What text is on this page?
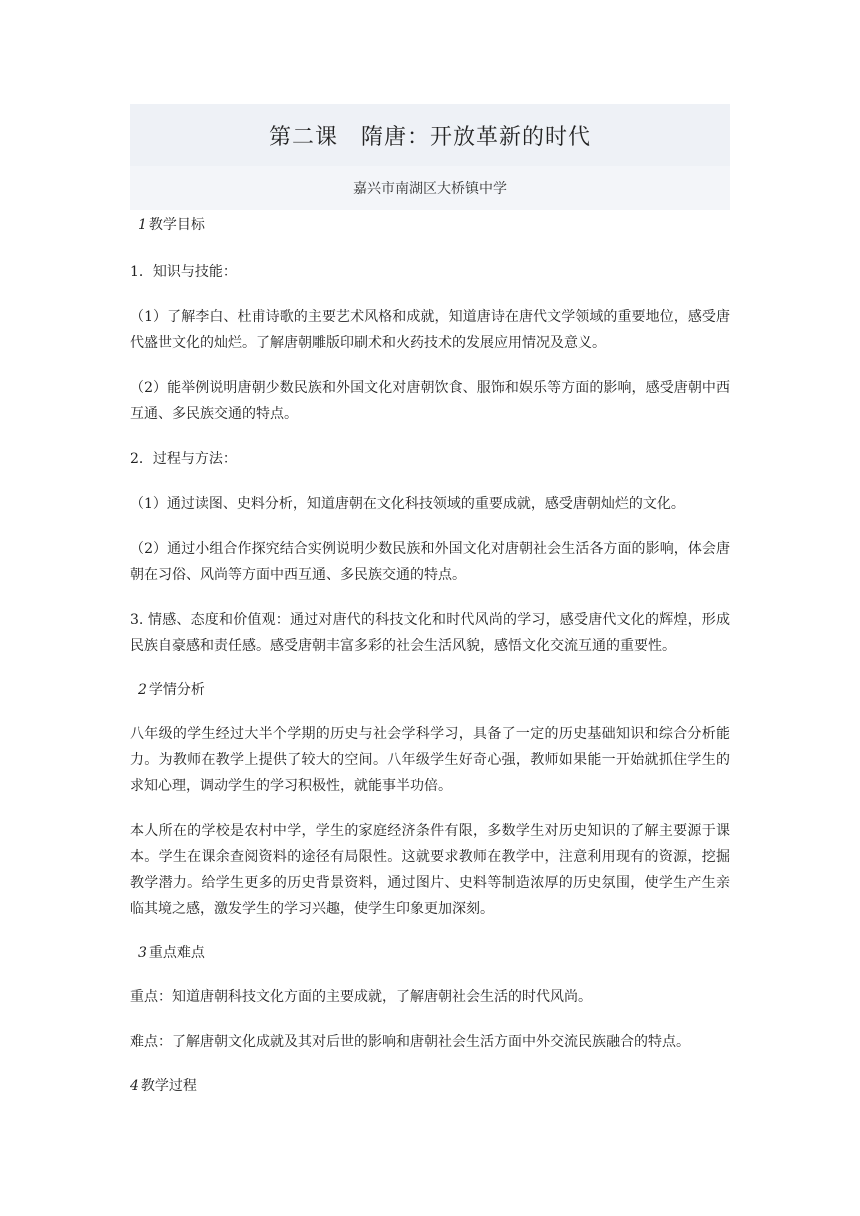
第二课　隋唐：开放革新的时代
嘉兴市南湖区大桥镇中学
1 教学目标

1．知识与技能：

（1）了解李白、杜甫诗歌的主要艺术风格和成就，知道唐诗在唐代文学领域的重要地位，感受唐代盛世文化的灿烂。了解唐朝雕版印刷术和火药技术的发展应用情况及意义。

（2）能举例说明唐朝少数民族和外国文化对唐朝饮食、服饰和娱乐等方面的影响，感受唐朝中西互通、多民族交通的特点。

2．过程与方法：

（1）通过读图、史料分析，知道唐朝在文化科技领域的重要成就，感受唐朝灿烂的文化。

（2）通过小组合作探究结合实例说明少数民族和外国文化对唐朝社会生活各方面的影响，体会唐朝在习俗、风尚等方面中西互通、多民族交通的特点。

3. 情感、态度和价值观：通过对唐代的科技文化和时代风尚的学习，感受唐代文化的辉煌，形成民族自豪感和责任感。感受唐朝丰富多彩的社会生活风貌，感悟文化交流互通的重要性。

2 学情分析

八年级的学生经过大半个学期的历史与社会学科学习，具备了一定的历史基础知识和综合分析能力。为教师在教学上提供了较大的空间。八年级学生好奇心强，教师如果能一开始就抓住学生的求知心理，调动学生的学习积极性，就能事半功倍。

本人所在的学校是农村中学，学生的家庭经济条件有限，多数学生对历史知识的了解主要源于课本。学生在课余查阅资料的途径有局限性。这就要求教师在教学中，注意利用现有的资源，挖掘教学潜力。给学生更多的历史背景资料，通过图片、史料等制造浓厚的历史氛围，使学生产生亲临其境之感，激发学生的学习兴趣，使学生印象更加深刻。

3 重点难点

重点：知道唐朝科技文化方面的主要成就，了解唐朝社会生活的时代风尚。

难点：了解唐朝文化成就及其对后世的影响和唐朝社会生活方面中外交流民族融合的特点。

4 教学过程
